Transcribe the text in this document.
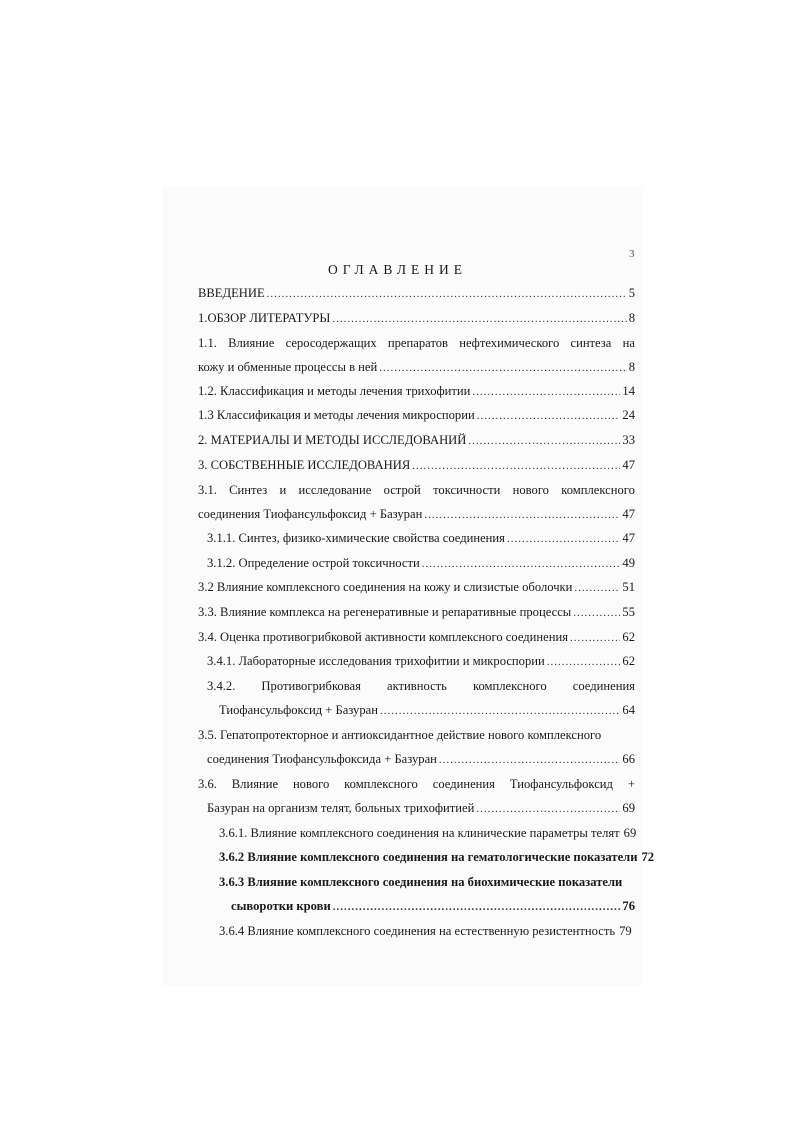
3
ОГЛАВЛЕНИЕ
ВВЕДЕНИЕ .....	5
1.ОБЗОР ЛИТЕРАТУРЫ .....	8
1.1. Влияние серосодержащих препаратов нефтехимического синтеза на
кожу и обменные процессы в ней .....	8
1.2. Классификация и методы лечения трихофитии .....	14
1.3 Классификация и методы лечения микроспории .....	24
2. МАТЕРИАЛЫ И МЕТОДЫ ИССЛЕДОВАНИЙ .....	33
3. СОБСТВЕННЫЕ ИССЛЕДОВАНИЯ .....	47
3.1. Синтез и исследование острой токсичности нового комплексного
соединения Тиофансульфоксид + Базуран .....	47
3.1.1. Синтез, физико-химические свойства соединения .....	47
3.1.2. Определение острой токсичности .....	49
3.2 Влияние комплексного соединения на кожу и слизистые оболочки .....	51
3.3. Влияние комплекса на регенеративные и репаративные процессы .....	55
3.4. Оценка противогрибковой активности комплексного соединения .....	62
3.4.1. Лабораторные исследования трихофитии и микроспории .....	62
3.4.2. Противогрибковая активность комплексного соединения
Тиофансульфоксид + Базуран .....	64
3.5. Гепатопротекторное и антиоксидантное действие нового комплексного
соединения Тиофансульфоксида + Базуран .....	66
3.6. Влияние нового комплексного соединения Тиофансульфоксид +
Базуран на организм телят, больных трихофитией .....	69
3.6.1. Влияние комплексного соединения на клинические параметры телят 69
3.6.2 Влияние комплексного соединения на гематологические показатели 72
3.6.3 Влияние комплексного соединения на биохимические показатели
сыворотки крови .....	76
3.6.4 Влияние комплексного соединения на естественную резистентность 79
